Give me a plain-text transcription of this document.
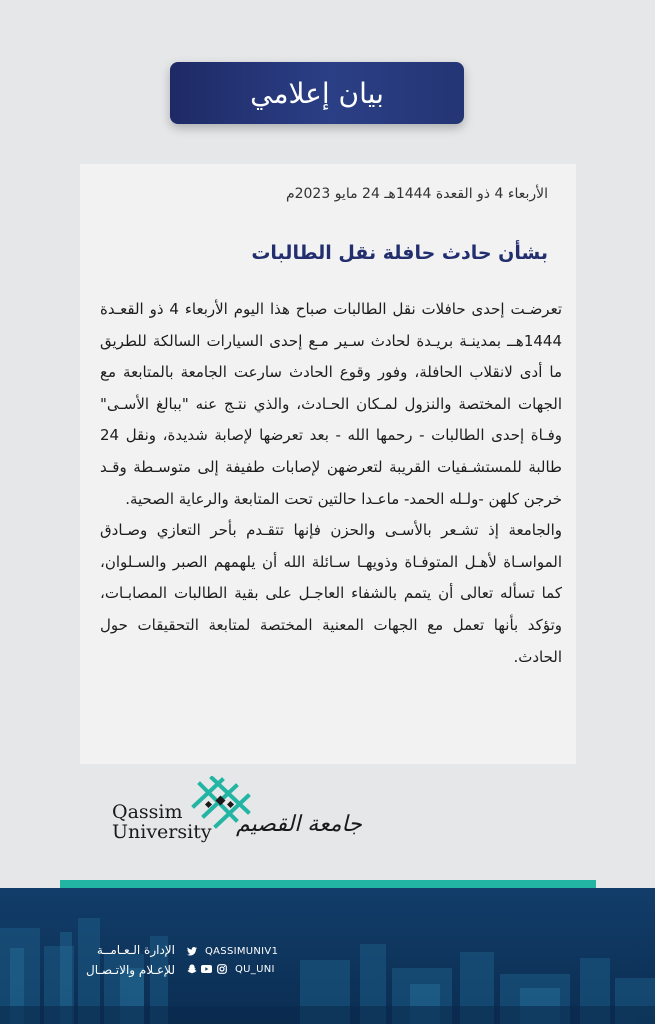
بيان إعلامي
الأربعاء 4 ذو القعدة 1444هـ 24 مايو 2023م
بشأن حادث حافلة نقل الطالبات

تعرضـت إحدى حافلات نقل الطالبات صباح هذا اليوم الأربعاء 4 ذو القعـدة 1444هــ بمدينـة بريـدة لحادث سـير مـع إحدى السيارات السالكة للطريق ما أدى لانقلاب الحافلة، وفور وقوع الحادث سارعت الجامعة بالمتابعة مع الجهات المختصة والنزول لمـكان الحـادث، والذي نتـج عنه "ببالغ الأسـى" وفـاة إحدى الطالبات - رحمها الله - بعد تعرضها لإصابة شديدة، ونقل 24 طالبة للمستشـفيات القريبة لتعرضهن لإصابات طفيفة إلى متوسـطة وقـد خرجن كلهن -ولـله الحمد- ماعـدا حالتين تحت المتابعة والرعاية الصحية.

والجامعة إذ تشـعر بالأسـى والحزن فإنها تتقـدم بأحر التعازي وصـادق المواسـاة لأهـل المتوفـاة وذويهـا سـائلة الله أن يلهمهم الصبر والسـلوان، كما تسأله تعالى أن يتمم بالشفاء العاجـل على بقية الطالبات المصابـات، وتؤكد بأنها تعمل مع الجهات المعنية المختصة لمتابعة التحقيقات حول الحادث.

Qassim
University جامعة القصيم
الإدارة الـعـامــة
للإعـلام والاتـصـال
QASSIMUNIV1
QU_UNI
